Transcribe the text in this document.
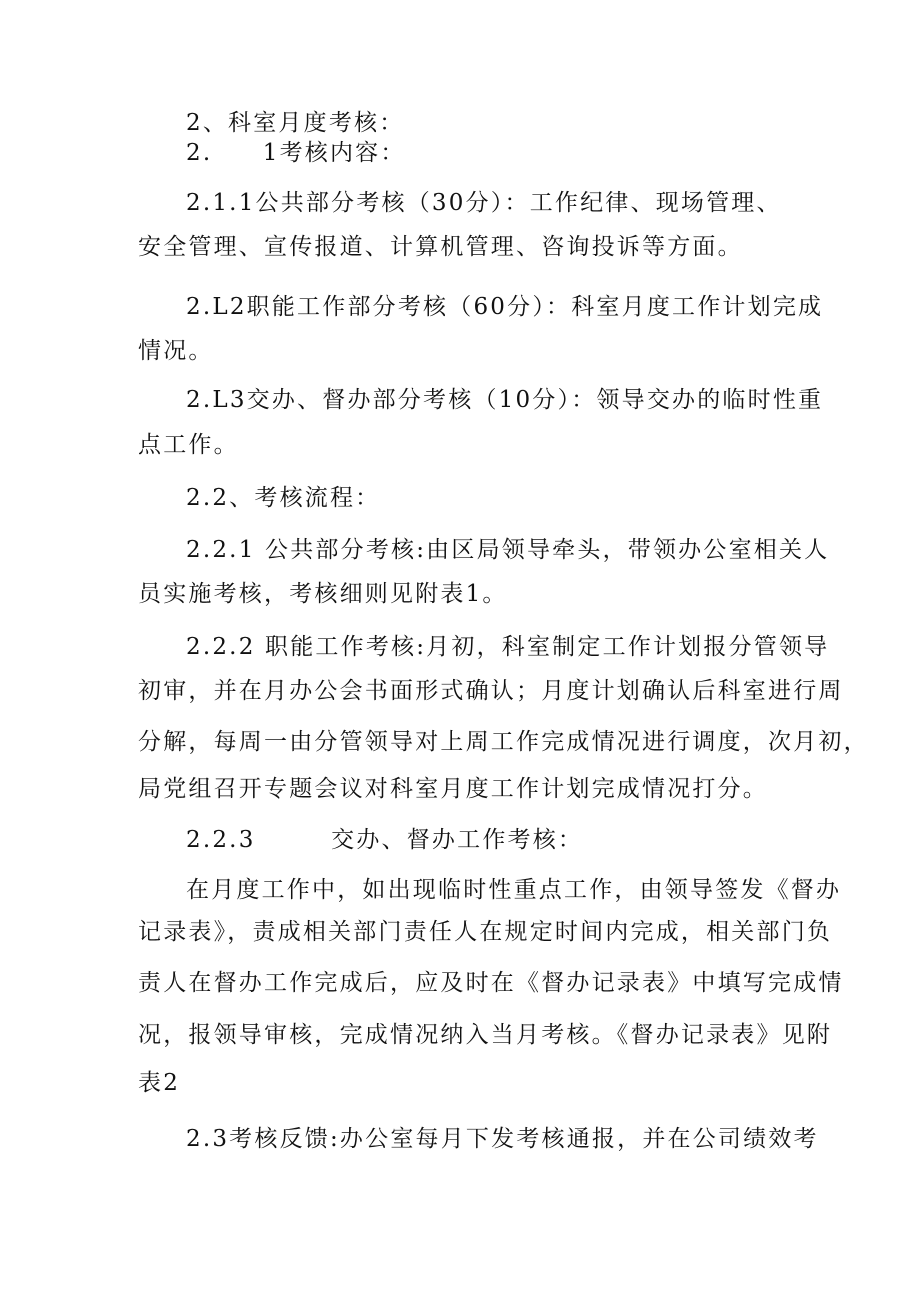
2、科室月度考核：
2.　　1考核内容：
2.1.1公共部分考核（30分）：工作纪律、现场管理、
安全管理、宣传报道、计算机管理、咨询投诉等方面。
2.L2职能工作部分考核（60分）：科室月度工作计划完成
情况。
2.L3交办、督办部分考核（10分）：领导交办的临时性重
点工作。
2.2、考核流程：
2.2.1 公共部分考核:由区局领导牵头，带领办公室相关人
员实施考核，考核细则见附表1。
2.2.2 职能工作考核:月初，科室制定工作计划报分管领导
初审，并在月办公会书面形式确认；月度计划确认后科室进行周
分解，每周一由分管领导对上周工作完成情况进行调度，次月初，
局党组召开专题会议对科室月度工作计划完成情况打分。
2.2.3　　　交办、督办工作考核：
在月度工作中，如出现临时性重点工作，由领导签发《督办
记录表》，责成相关部门责任人在规定时间内完成，相关部门负
责人在督办工作完成后，应及时在《督办记录表》中填写完成情
况，报领导审核，完成情况纳入当月考核。《督办记录表》见附
表2
2.3考核反馈:办公室每月下发考核通报，并在公司绩效考
